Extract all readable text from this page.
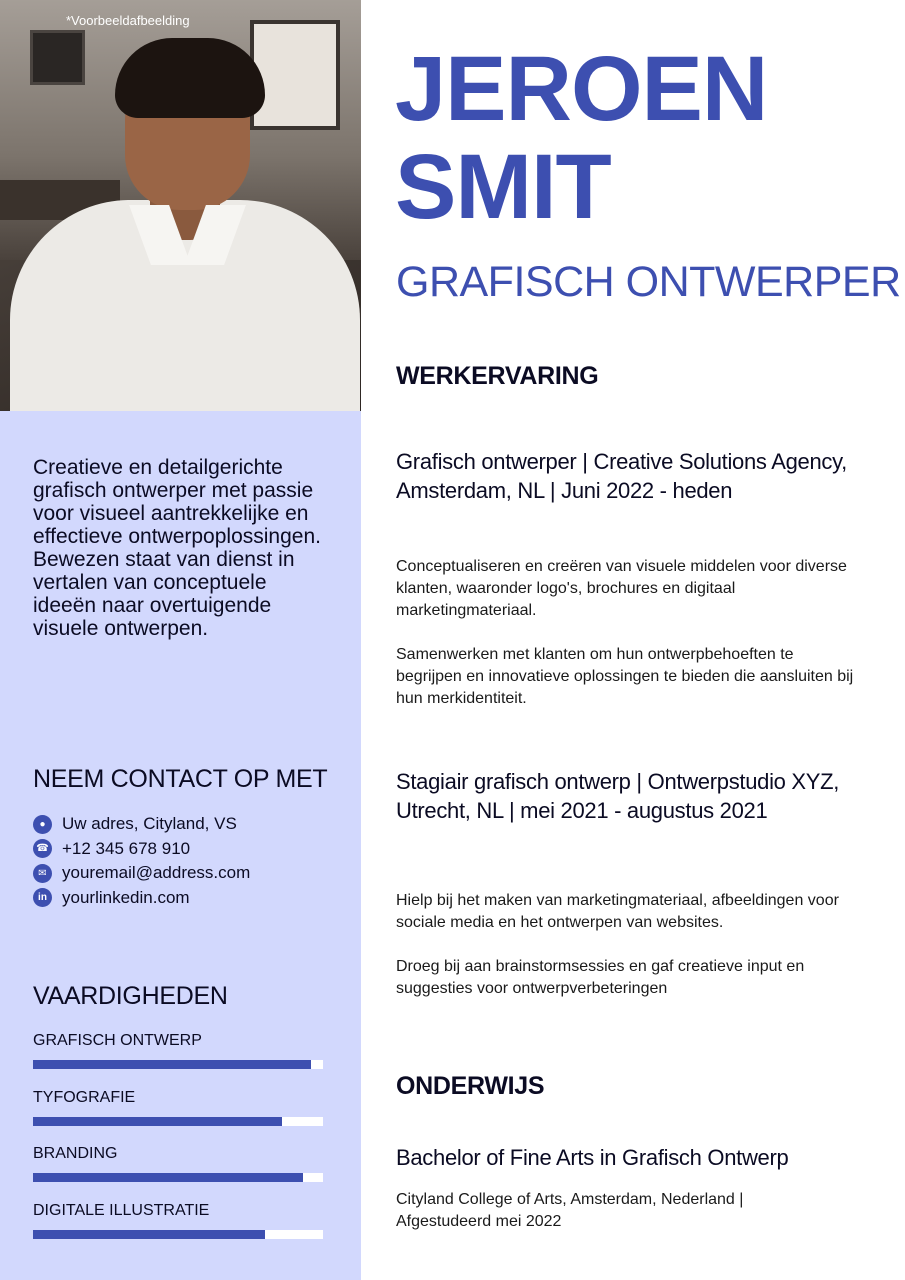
*Voorbeeldafbeelding

Creatieve en detailgerichte grafisch ontwerper met passie voor visueel aantrekkelijke en effectieve ontwerpoplossingen. Bewezen staat van dienst in vertalen van conceptuele ideeën naar overtuigende visuele ontwerpen.

NEEM CONTACT OP MET
● Uw adres, Cityland, VS
☎ +12 345 678 910
✉ youremail@address.com
in yourlinkedin.com
VAARDIGHEDEN
GRAFISCH ONTWERP
TYFOGRAFIE
BRANDING
DIGITALE ILLUSTRATIE
JEROEN
SMIT
GRAFISCH ONTWERPER
WERKERVARING
Grafisch ontwerper | Creative Solutions Agency, Amsterdam, NL | Juni 2022 - heden

Conceptualiseren en creëren van visuele middelen voor diverse klanten, waaronder logo's, brochures en digitaal marketingmateriaal.

Samenwerken met klanten om hun ontwerpbehoeften te begrijpen en innovatieve oplossingen te bieden die aansluiten bij hun merkidentiteit.

Stagiair grafisch ontwerp | Ontwerpstudio XYZ, Utrecht, NL | mei 2021 - augustus 2021

Hielp bij het maken van marketingmateriaal, afbeeldingen voor sociale media en het ontwerpen van websites.

Droeg bij aan brainstormsessies en gaf creatieve input en suggesties voor ontwerpverbeteringen

ONDERWIJS
Bachelor of Fine Arts in Grafisch Ontwerp
Cityland College of Arts, Amsterdam, Nederland | Afgestudeerd mei 2022
